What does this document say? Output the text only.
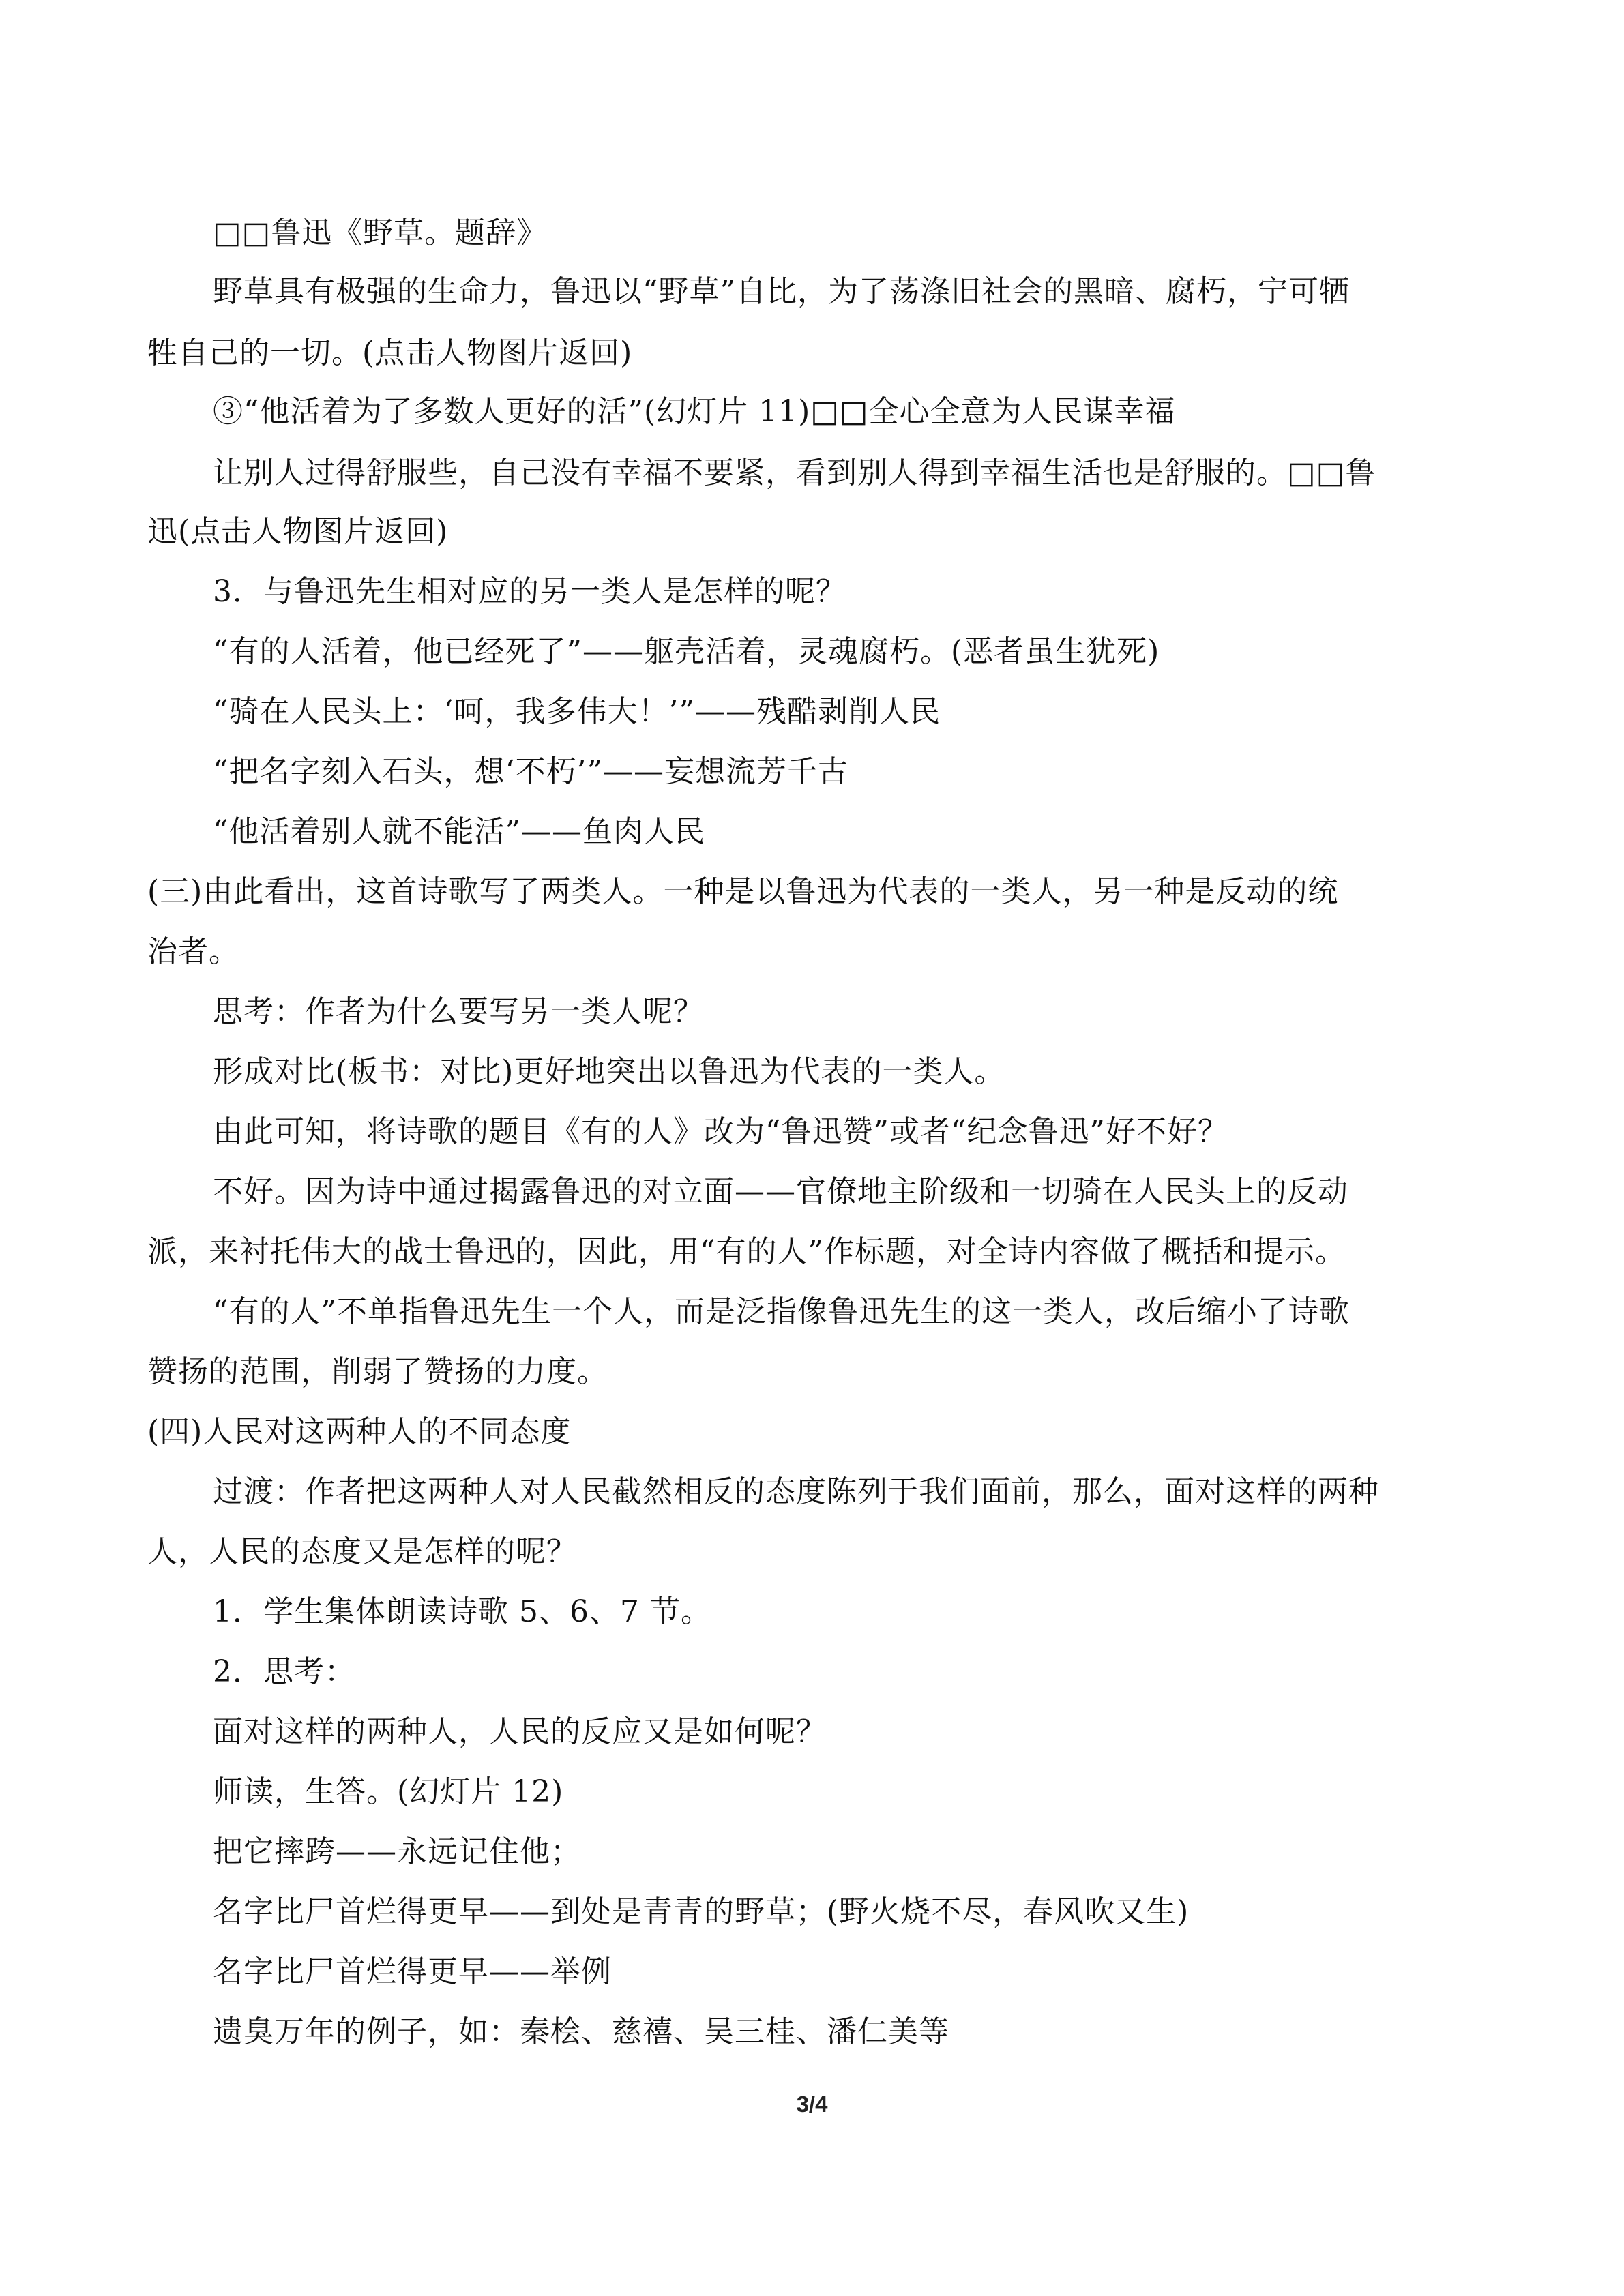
□□鲁迅《野草。题辞》
野草具有极强的生命力，鲁迅以“野草”自比，为了荡涤旧社会的黑暗、腐朽，宁可牺
牲自己的一切。(点击人物图片返回)
③“他活着为了多数人更好的活”(幻灯片 11)□□全心全意为人民谋幸福
让别人过得舒服些，自己没有幸福不要紧，看到别人得到幸福生活也是舒服的。□□鲁
迅(点击人物图片返回)
3．与鲁迅先生相对应的另一类人是怎样的呢？
“有的人活着，他已经死了”——躯壳活着，灵魂腐朽。(恶者虽生犹死)
“骑在人民头上：‘呵，我多伟大！’”——残酷剥削人民
“把名字刻入石头，想‘不朽’”——妄想流芳千古
“他活着别人就不能活”——鱼肉人民
(三)由此看出，这首诗歌写了两类人。一种是以鲁迅为代表的一类人，另一种是反动的统
治者。
思考：作者为什么要写另一类人呢？
形成对比(板书：对比)更好地突出以鲁迅为代表的一类人。
由此可知，将诗歌的题目《有的人》改为“鲁迅赞”或者“纪念鲁迅”好不好？
不好。因为诗中通过揭露鲁迅的对立面——官僚地主阶级和一切骑在人民头上的反动
派，来衬托伟大的战士鲁迅的，因此，用“有的人”作标题，对全诗内容做了概括和提示。
“有的人”不单指鲁迅先生一个人，而是泛指像鲁迅先生的这一类人，改后缩小了诗歌
赞扬的范围，削弱了赞扬的力度。
(四)人民对这两种人的不同态度
过渡：作者把这两种人对人民截然相反的态度陈列于我们面前，那么，面对这样的两种
人，人民的态度又是怎样的呢？
1．学生集体朗读诗歌 5、6、7 节。
2．思考：
面对这样的两种人，人民的反应又是如何呢？
师读，生答。(幻灯片 12)
把它摔跨——永远记住他；
名字比尸首烂得更早——到处是青青的野草；(野火烧不尽，春风吹又生)
名字比尸首烂得更早——举例
遗臭万年的例子，如：秦桧、慈禧、吴三桂、潘仁美等
3/4
